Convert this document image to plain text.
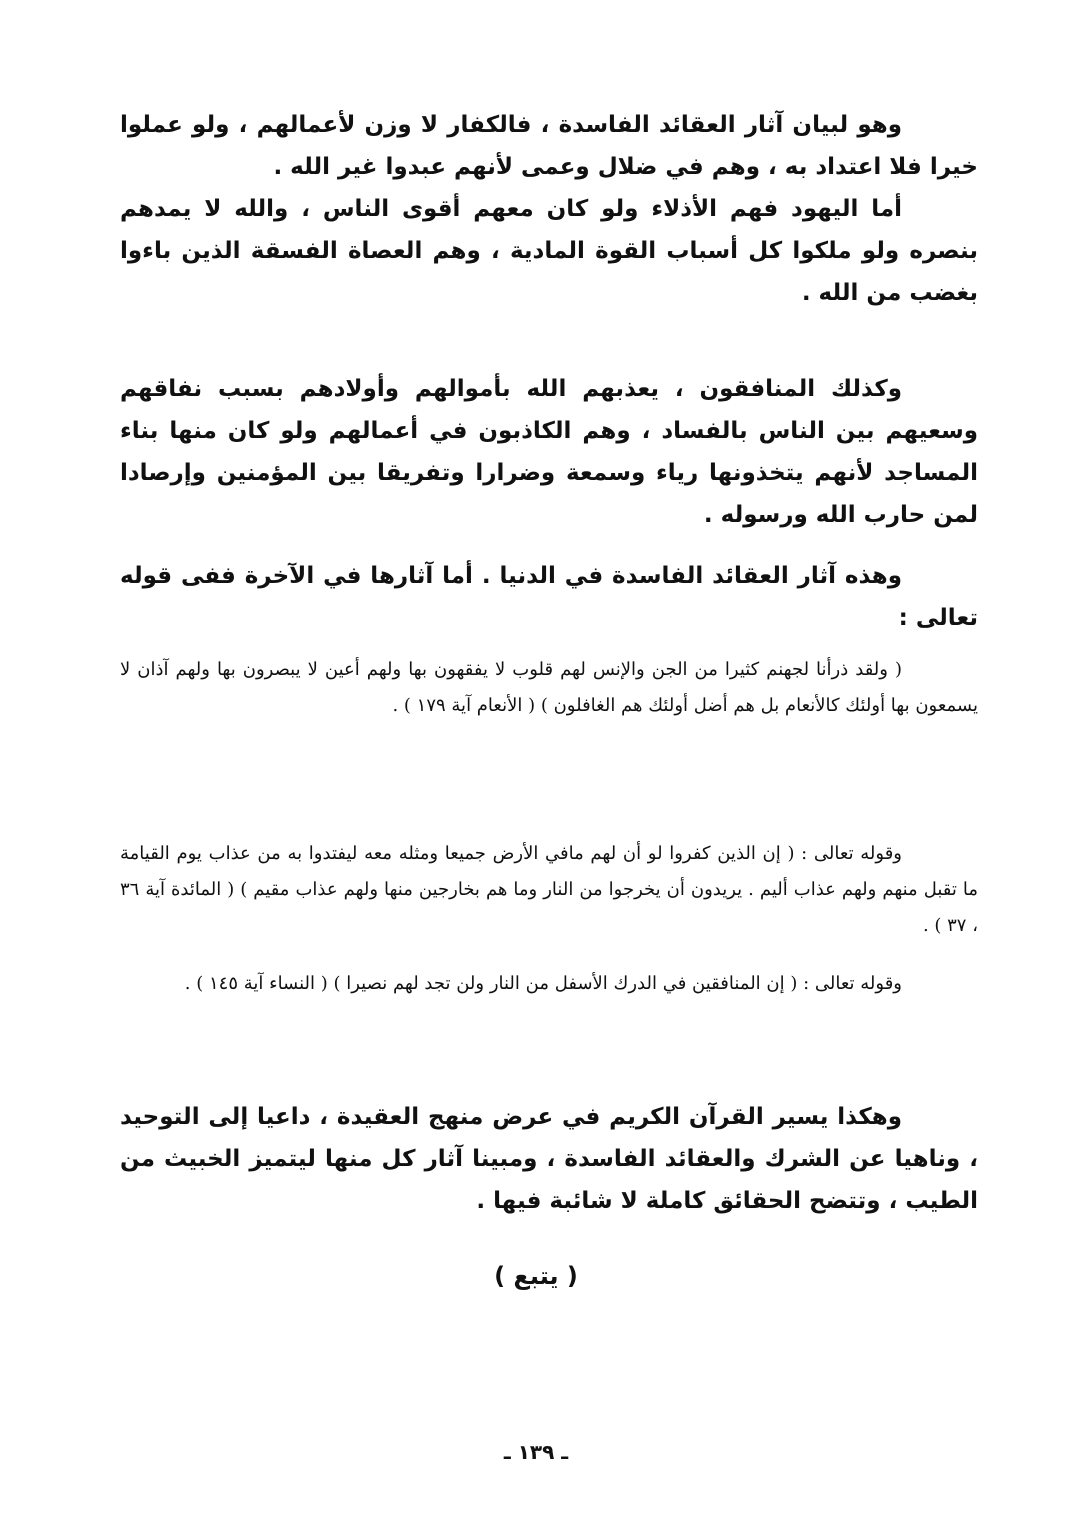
وهو لبيان آثار العقائد الفاسدة ، فالكفار لا وزن لأعمالهم ، ولو عملوا خيرا فلا اعتداد به ، وهم في ضلال وعمى لأنهم عبدوا غير الله .

أما اليهود فهم الأذلاء ولو كان معهم أقوى الناس ، والله لا يمدهم بنصره ولو ملكوا كل أسباب القوة المادية ، وهم العصاة الفسقة الذين باءوا بغضب من الله .

وكذلك المنافقون ، يعذبهم الله بأموالهم وأولادهم بسبب نفاقهم وسعيهم بين الناس بالفساد ، وهم الكاذبون في أعمالهم ولو كان منها بناء المساجد لأنهم يتخذونها رياء وسمعة وضرارا وتفريقا بين المؤمنين وإرصادا لمن حارب الله ورسوله .

وهذه آثار العقائد الفاسدة في الدنيا . أما آثارها في الآخرة ففى قوله تعالى :

( ولقد ذرأنا لجهنم كثيرا من الجن والإنس لهم قلوب لا يفقهون بها ولهم أعين لا يبصرون بها ولهم آذان لا يسمعون بها أولئك كالأنعام بل هم أضل أولئك هم الغافلون ) ( الأنعام آية ١٧٩ ) .

وقوله تعالى : ( إن الذين كفروا لو أن لهم مافي الأرض جميعا ومثله معه ليفتدوا به من عذاب يوم القيامة ما تقبل منهم ولهم عذاب أليم . يريدون أن يخرجوا من النار وما هم بخارجين منها ولهم عذاب مقيم ) ( المائدة آية ٣٦ ، ٣٧ ) .

وقوله تعالى : ( إن المنافقين في الدرك الأسفل من النار ولن تجد لهم نصيرا ) ( النساء آية ١٤٥ ) .

وهكذا يسير القرآن الكريم في عرض منهج العقيدة ، داعيا إلى التوحيد ، وناهيا عن الشرك والعقائد الفاسدة ، ومبينا آثار كل منها ليتميز الخبيث من الطيب ، وتتضح الحقائق كاملة لا شائبة فيها .

( يتبع )
ـ ١٣٩ ـ
